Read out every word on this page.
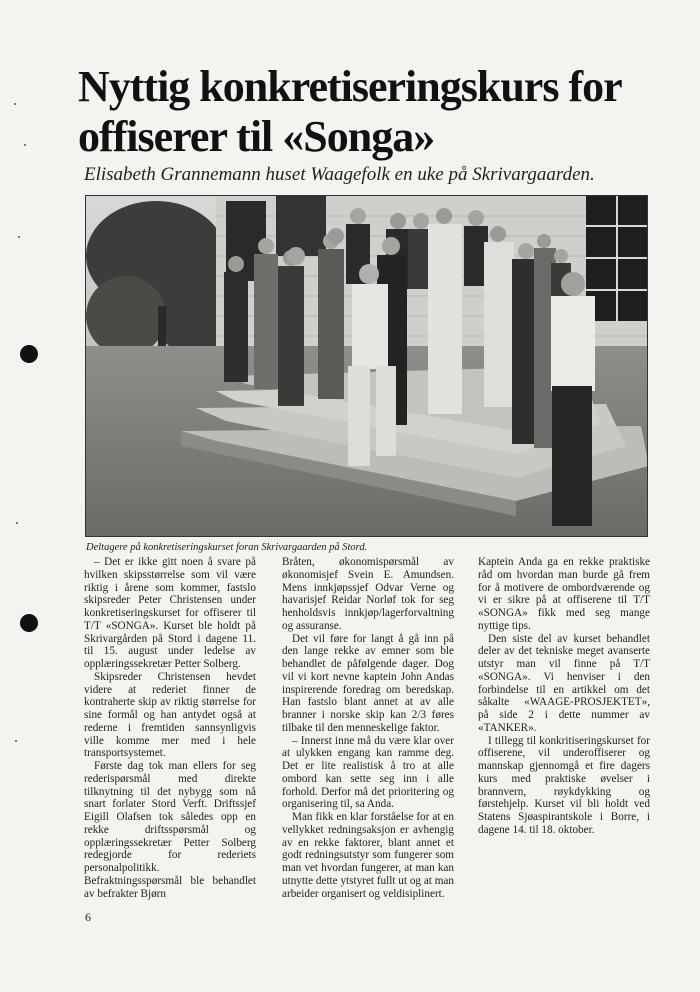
Nyttig konkretiseringskurs for
offiserer til «Songa»

Elisabeth Grannemann huset Waagefolk en uke på Skrivargaarden.

Deltagere på konkretiseringskurset foran Skrivargaarden på Stord.

– Det er ikke gitt noen å svare på hvilken skipsstørrelse som vil være riktig i årene som kommer, fastslo skipsreder Peter Christensen under konkretiseringskurset for offiserer til T/T «SONGA». Kurset ble holdt på Skrivargården på Stord i dagene 11. til 15. august under ledelse av opplæringssekretær Petter Solberg.

Skipsreder Christensen hevdet videre at rederiet finner de kontraherte skip av riktig størrelse for sine formål og han antydet også at rederne i fremtiden sannsynligvis ville komme mer med i hele transportsystemet.

Første dag tok man ellers for seg rederispørsmål med direkte tilknytning til det nybygg som nå snart forlater Stord Verft. Driftssjef Eigill Olafsen tok således opp en rekke driftsspørsmål og opplæringssekretær Petter Solberg redegjorde for rederiets personalpolitikk. Befraktningsspørsmål ble behandlet av befrakter Bjørn

Bråten, økonomispørsmål av økonomisjef Svein E. Amundsen. Mens innkjøpssjef Odvar Verne og havarisjef Reidar Norløf tok for seg henholdsvis innkjøp/lagerforvaltning og assuranse.

Det vil føre for langt å gå inn på den lange rekke av emner som ble behandlet de påfølgende dager. Dog vil vi kort nevne kaptein John Andas inspirerende foredrag om beredskap. Han fastslo blant annet at av alle branner i norske skip kan 2/3 føres tilbake til den menneskelige faktor.

– Innerst inne må du være klar over at ulykken engang kan ramme deg. Det er lite realistisk å tro at alle ombord kan sette seg inn i alle forhold. Derfor må det prioritering og organisering til, sa Anda.

Man fikk en klar forståelse for at en vellykket redningsaksjon er avhengig av en rekke faktorer, blant annet et godt redningsutstyr som fungerer som man vet hvordan fungerer, at man kan utnytte dette ytstyret fullt ut og at man arbeider organisert og veldisiplinert.

Kaptein Anda ga en rekke praktiske råd om hvordan man burde gå frem for å motivere de ombordværende og vi er sikre på at offiserene til T/T «SONGA» fikk med seg mange nyttige tips.

Den siste del av kurset behandlet deler av det tekniske meget avanserte utstyr man vil finne på T/T «SONGA». Vi henviser i den forbindelse til en artikkel om det såkalte «WAAGE-PROSJEKTET», på side 2 i dette nummer av «TANKER».

I tillegg til konkritiseringskurset for offiserene, vil underoffiserer og mannskap gjennomgå et fire dagers kurs med praktiske øvelser i brannvern, røykdykking og førstehjelp. Kurset vil bli holdt ved Statens Sjøaspirantskole i Borre, i dagene 14. til 18. oktober.

6
